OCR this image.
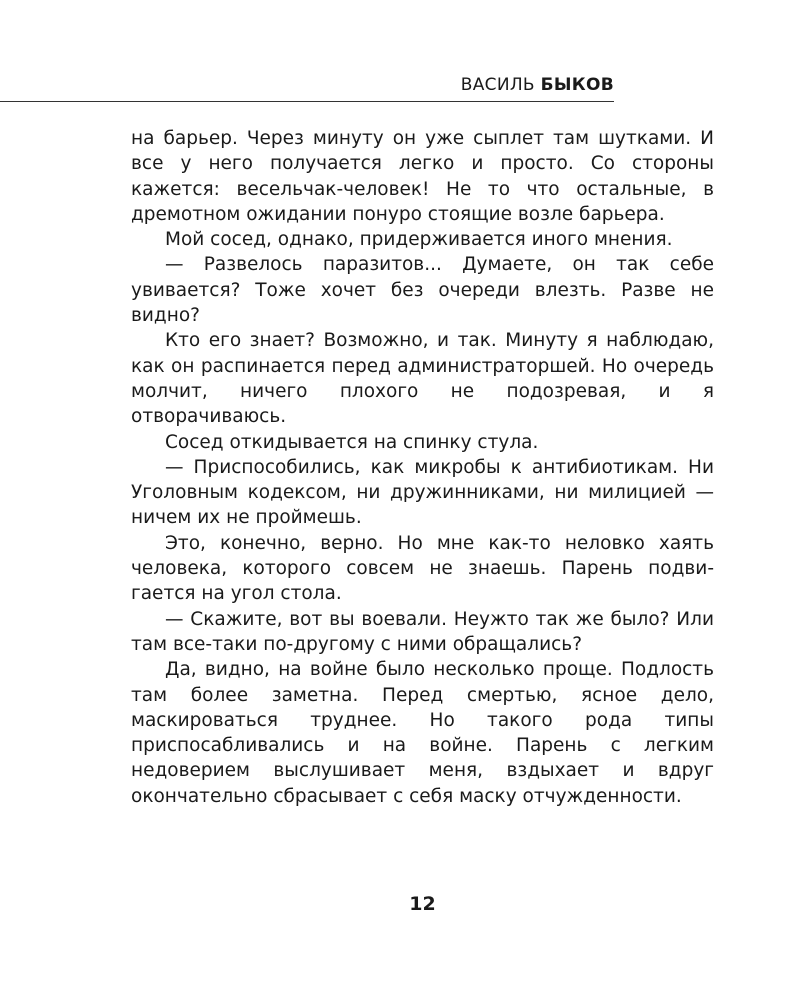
ВАСИЛЬ БЫКОВ

на барьер. Через минуту он уже сыплет там шутками. И все у него получается легко и просто. Со стороны кажется: весельчак-человек! Не то что остальные, в дремотном ожидании понуро стоящие возле барьера.

Мой сосед, однако, придерживается иного мнения.

— Развелось паразитов... Думаете, он так себе увивается? Тоже хочет без очереди влезть. Разве не видно?

Кто его знает? Возможно, и так. Минуту я наблюдаю, как он распинается перед администраторшей. Но очередь молчит, ничего плохого не подозревая, и я отворачиваюсь.

Сосед откидывается на спинку стула.

— Приспособились, как микробы к антибиотикам. Ни Уголовным кодексом, ни дружинниками, ни милицией — ничем их не проймешь.

Это, конечно, верно. Но мне как-то неловко хаять человека, которого совсем не знаешь. Парень подвигается на угол стола.

— Скажите, вот вы воевали. Неужто так же было? Или там все-таки по-другому с ними обращались?

Да, видно, на войне было несколько проще. Подлость там более заметна. Перед смертью, ясное дело, маскироваться труднее. Но такого рода типы приспосабливались и на войне. Парень с легким недоверием выслушивает меня, вздыхает и вдруг окончательно сбрасывает с себя маску отчужденности.

12
